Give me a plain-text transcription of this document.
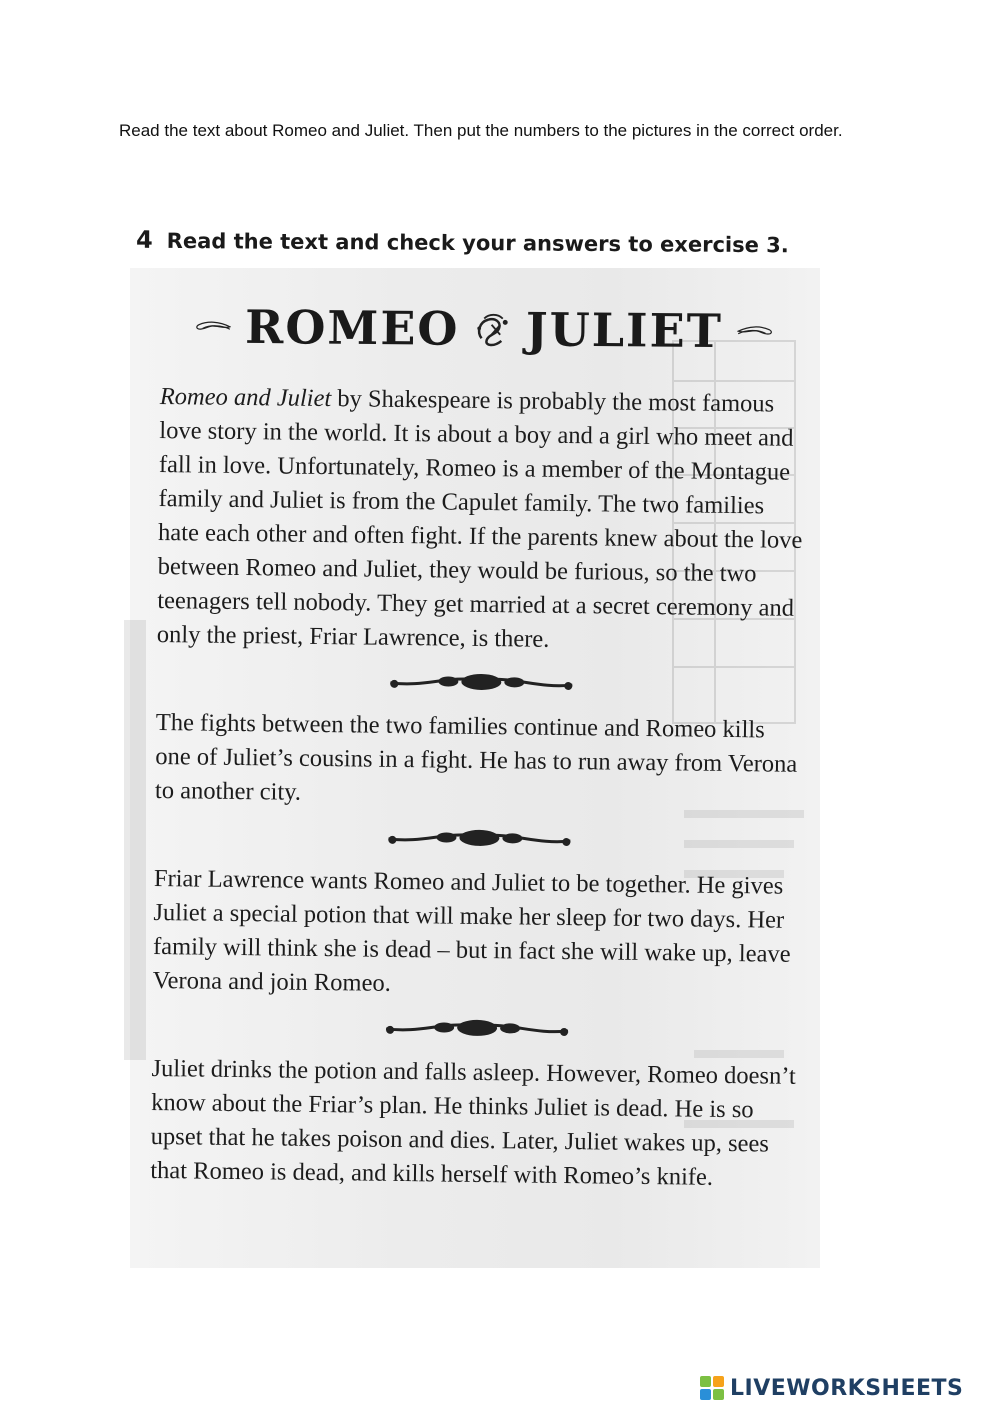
Read the text about Romeo and Juliet. Then put the numbers to the pictures in the correct order.
4 Read the text and check your answers to exercise 3.
ROMEO JULIET

Romeo and Juliet by Shakespeare is probably the most famous love story in the world. It is about a boy and a girl who meet and fall in love. Unfortunately, Romeo is a member of the Montague family and Juliet is from the Capulet family. The two families hate each other and often fight. If the parents knew about the love between Romeo and Juliet, they would be furious, so the two teenagers tell nobody. They get married at a secret ceremony and only the priest, Friar Lawrence, is there.

The fights between the two families continue and Romeo kills one of Juliet’s cousins in a fight. He has to run away from Verona to another city.

Friar Lawrence wants Romeo and Juliet to be together. He gives Juliet a special potion that will make her sleep for two days. Her family will think she is dead – but in fact she will wake up, leave Verona and join Romeo.

Juliet drinks the potion and falls asleep. However, Romeo doesn’t know about the Friar’s plan. He thinks Juliet is dead. He is so upset that he takes poison and dies. Later, Juliet wakes up, sees that Romeo is dead, and kills herself with Romeo’s knife.

LIVEWORKSHEETS
